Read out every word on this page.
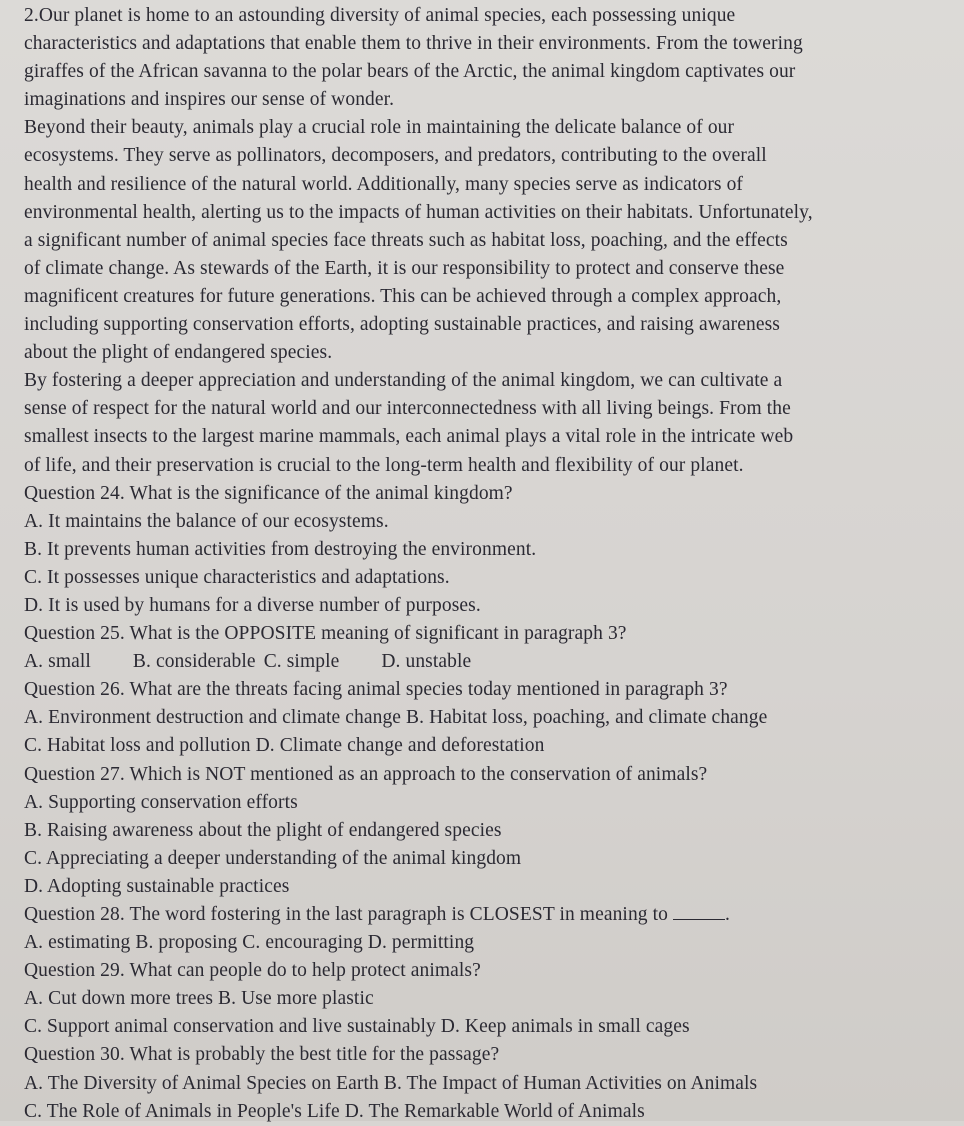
2.Our planet is home to an astounding diversity of animal species, each possessing unique
characteristics and adaptations that enable them to thrive in their environments. From the towering
giraffes of the African savanna to the polar bears of the Arctic, the animal kingdom captivates our
imaginations and inspires our sense of wonder.
Beyond their beauty, animals play a crucial role in maintaining the delicate balance of our
ecosystems. They serve as pollinators, decomposers, and predators, contributing to the overall
health and resilience of the natural world. Additionally, many species serve as indicators of
environmental health, alerting us to the impacts of human activities on their habitats. Unfortunately,
a significant number of animal species face threats such as habitat loss, poaching, and the effects
of climate change. As stewards of the Earth, it is our responsibility to protect and conserve these
magnificent creatures for future generations. This can be achieved through a complex approach,
including supporting conservation efforts, adopting sustainable practices, and raising awareness
about the plight of endangered species.
By fostering a deeper appreciation and understanding of the animal kingdom, we can cultivate a
sense of respect for the natural world and our interconnectedness with all living beings. From the
smallest insects to the largest marine mammals, each animal plays a vital role in the intricate web
of life, and their preservation is crucial to the long-term health and flexibility of our planet.
Question 24. What is the significance of the animal kingdom?
A. It maintains the balance of our ecosystems.
B. It prevents human activities from destroying the environment.
C. It possesses unique characteristics and adaptations.
D. It is used by humans for a diverse number of purposes.
Question 25. What is the OPPOSITE meaning of significant in paragraph 3?
A. small B. considerable C. simple D. unstable
Question 26. What are the threats facing animal species today mentioned in paragraph 3?
A. Environment destruction and climate change B. Habitat loss, poaching, and climate change
C. Habitat loss and pollution D. Climate change and deforestation
Question 27. Which is NOT mentioned as an approach to the conservation of animals?
A. Supporting conservation efforts
B. Raising awareness about the plight of endangered species
C. Appreciating a deeper understanding of the animal kingdom
D. Adopting sustainable practices
Question 28. The word fostering in the last paragraph is CLOSEST in meaning to	.
A. estimating B. proposing C. encouraging D. permitting
Question 29. What can people do to help protect animals?
A. Cut down more trees B. Use more plastic
C. Support animal conservation and live sustainably D. Keep animals in small cages
Question 30. What is probably the best title for the passage?
A. The Diversity of Animal Species on Earth B. The Impact of Human Activities on Animals
C. The Role of Animals in People's Life D. The Remarkable World of Animals
